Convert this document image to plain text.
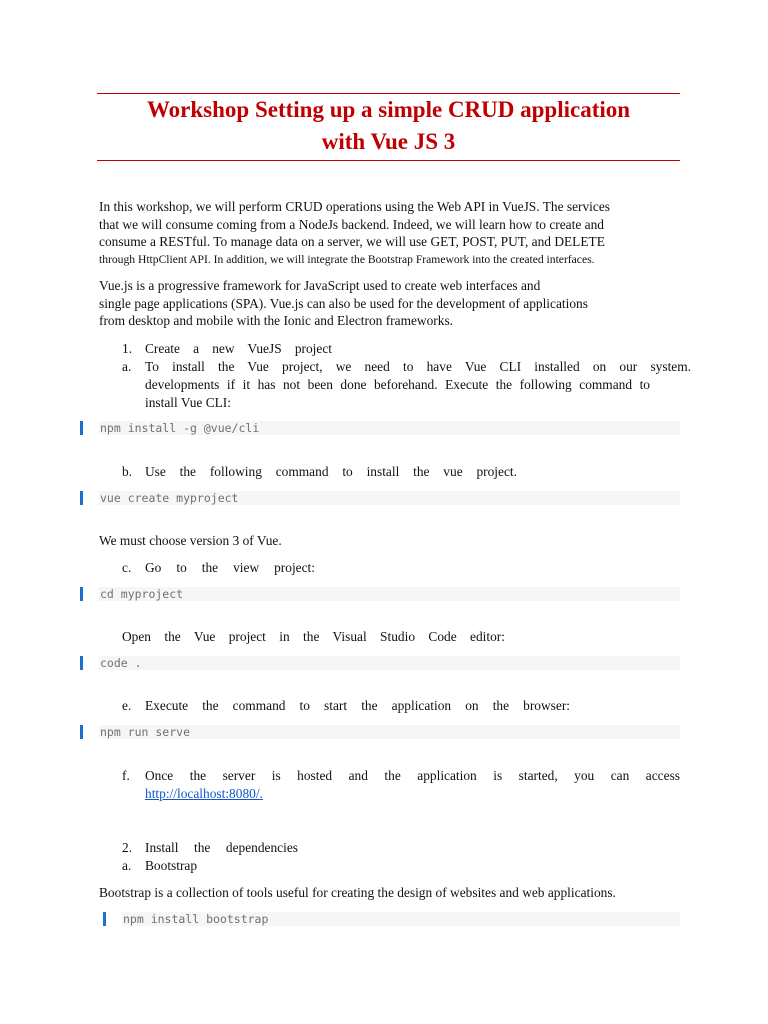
Workshop Setting up a simple CRUD application
with Vue JS 3
In this workshop, we will perform CRUD operations using the Web API in VueJS. The services
that we will consume coming from a NodeJs backend. Indeed, we will learn how to create and
consume a RESTful. To manage data on a server, we will use GET, POST, PUT, and DELETE
through HttpClient API. In addition, we will integrate the Bootstrap Framework into the created interfaces.
Vue.js is a progressive framework for JavaScript used to create web interfaces and
single page applications (SPA). Vue.js can also be used for the development of applications
from desktop and mobile with the Ionic and Electron frameworks.
1. Create a new VueJS project
a. To install the Vue project, we need to have Vue CLI installed on our system.
developments if it has not been done beforehand. Execute the following command to
install Vue CLI:
npm install -g @vue/cli
b. Use the following command to install the vue project.
vue create myproject
We must choose version 3 of Vue.
c. Go to the view project:
cd myproject
Open the Vue project in the Visual Studio Code editor:
code .
e. Execute the command to start the application on the browser:
npm run serve
f. Once the server is hosted and the application is started, you can access
http://localhost:8080/.
2. Install the dependencies
a. Bootstrap
Bootstrap is a collection of tools useful for creating the design of websites and web applications.
npm install bootstrap
